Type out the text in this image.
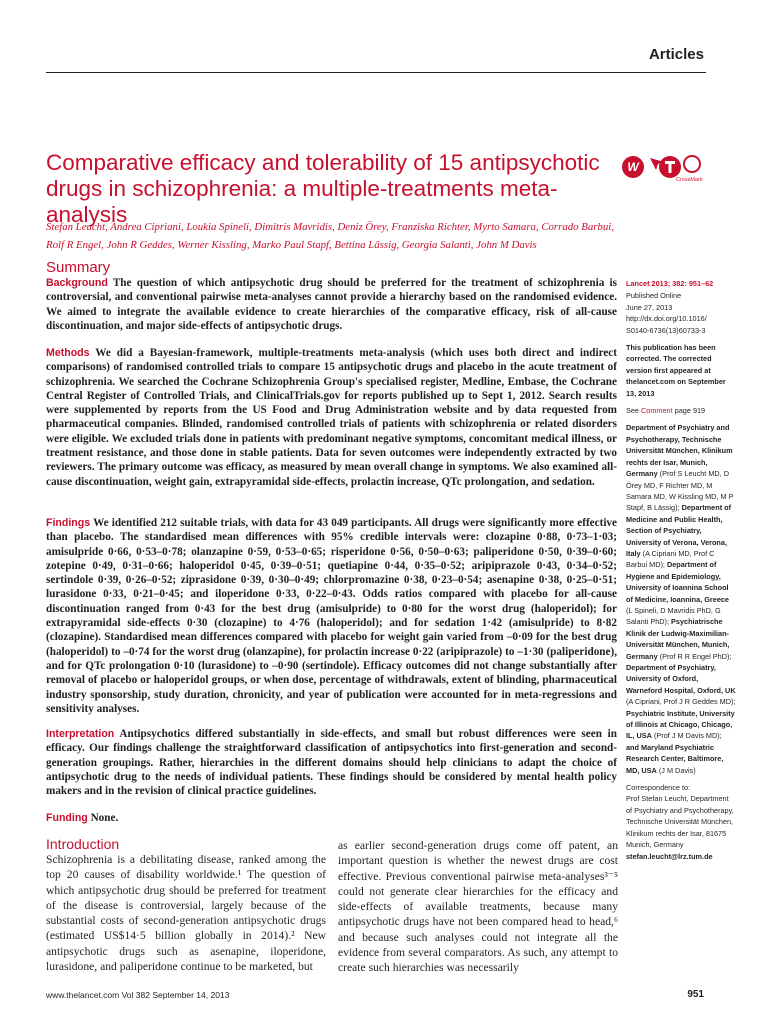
Articles
Comparative efficacy and tolerability of 15 antipsychotic drugs in schizophrenia: a multiple-treatments meta-analysis
W
CrossMark
Stefan Leucht, Andrea Cipriani, Loukia Spineli, Dimitris Mavridis, Deniz Örey, Franziska Richter, Myrto Samara, Corrado Barbui, Rolf R Engel, John R Geddes, Werner Kissling, Marko Paul Stapf, Bettina Lässig, Georgia Salanti, John M Davis
Summary
Background The question of which antipsychotic drug should be preferred for the treatment of schizophrenia is controversial, and conventional pairwise meta-analyses cannot provide a hierarchy based on the randomised evidence. We aimed to integrate the available evidence to create hierarchies of the comparative efficacy, risk of all-cause discontinuation, and major side-effects of antipsychotic drugs.
Methods We did a Bayesian-framework, multiple-treatments meta-analysis (which uses both direct and indirect comparisons) of randomised controlled trials to compare 15 antipsychotic drugs and placebo in the acute treatment of schizophrenia. We searched the Cochrane Schizophrenia Group's specialised register, Medline, Embase, the Cochrane Central Register of Controlled Trials, and ClinicalTrials.gov for reports published up to Sept 1, 2012. Search results were supplemented by reports from the US Food and Drug Administration website and by data requested from pharmaceutical companies. Blinded, randomised controlled trials of patients with schizophrenia or related disorders were eligible. We excluded trials done in patients with predominant negative symptoms, concomitant medical illness, or treatment resistance, and those done in stable patients. Data for seven outcomes were independently extracted by two reviewers. The primary outcome was efficacy, as measured by mean overall change in symptoms. We also examined all-cause discontinuation, weight gain, extrapyramidal side-effects, prolactin increase, QTc prolongation, and sedation.
Findings We identified 212 suitable trials, with data for 43 049 participants. All drugs were significantly more effective than placebo. The standardised mean differences with 95% credible intervals were: clozapine 0·88, 0·73–1·03; amisulpride 0·66, 0·53–0·78; olanzapine 0·59, 0·53–0·65; risperidone 0·56, 0·50–0·63; paliperidone 0·50, 0·39–0·60; zotepine 0·49, 0·31–0·66; haloperidol 0·45, 0·39–0·51; quetiapine 0·44, 0·35–0·52; aripiprazole 0·43, 0·34–0·52; sertindole 0·39, 0·26–0·52; ziprasidone 0·39, 0·30–0·49; chlorpromazine 0·38, 0·23–0·54; asenapine 0·38, 0·25–0·51; lurasidone 0·33, 0·21–0·45; and iloperidone 0·33, 0·22–0·43. Odds ratios compared with placebo for all-cause discontinuation ranged from 0·43 for the best drug (amisulpride) to 0·80 for the worst drug (haloperidol); for extrapyramidal side-effects 0·30 (clozapine) to 4·76 (haloperidol); and for sedation 1·42 (amisulpride) to 8·82 (clozapine). Standardised mean differences compared with placebo for weight gain varied from –0·09 for the best drug (haloperidol) to –0·74 for the worst drug (olanzapine), for prolactin increase 0·22 (aripiprazole) to –1·30 (paliperidone), and for QTc prolongation 0·10 (lurasidone) to –0·90 (sertindole). Efficacy outcomes did not change substantially after removal of placebo or haloperidol groups, or when dose, percentage of withdrawals, extent of blinding, pharmaceutical industry sponsorship, study duration, chronicity, and year of publication were accounted for in meta-regressions and sensitivity analyses.
Interpretation Antipsychotics differed substantially in side-effects, and small but robust differences were seen in efficacy. Our findings challenge the straightforward classification of antipsychotics into first-generation and second-generation groupings. Rather, hierarchies in the different domains should help clinicians to adapt the choice of antipsychotic drug to the needs of individual patients. These findings should be considered by mental health policy makers and in the revision of clinical practice guidelines.
Funding None.
Introduction
Schizophrenia is a debilitating disease, ranked among the top 20 causes of disability worldwide.¹ The question of which antipsychotic drug should be preferred for treatment of the disease is controversial, largely because of the substantial costs of second-generation antipsychotic drugs (estimated US$14·5 billion globally in 2014).² New antipsychotic drugs such as asenapine, iloperidone, lurasidone, and paliperidone continue to be marketed, but
as earlier second-generation drugs come off patent, an important question is whether the newest drugs are cost effective. Previous conventional pairwise meta-analyses³⁻⁵ could not generate clear hierarchies for the efficacy and side-effects of available treatments, because many antipsychotic drugs have not been compared head to head,⁶ and because such analyses could not integrate all the evidence from several comparators. As such, any attempt to create such hierarchies was necessarily

Lancet 2013; 382: 951–62

Published Online
June 27, 2013
http://dx.doi.org/10.1016/
S0140-6736(13)60733-3

This publication has been corrected. The corrected version first appeared at thelancet.com on September 13, 2013

See Comment page 919

Department of Psychiatry and Psychotherapy, Technische Universität München, Klinikum rechts der Isar, Munich, Germany (Prof S Leucht MD, D Örey MD, F Richter MD, M Samara MD, W Kissling MD, M P Stapf, B Lässig); Department of Medicine and Public Health, Section of Psychiatry, University of Verona, Verona, Italy (A Cipriani MD, Prof C Barbui MD); Department of Hygiene and Epidemiology, University of Ioannina School of Medicine, Ioannina, Greece (L Spineli, D Mavridis PhD, G Salanti PhD); Psychiatrische Klinik der Ludwig-Maximilian-Universität München, Munich, Germany (Prof R R Engel PhD); Department of Psychiatry, University of Oxford, Warneford Hospital, Oxford, UK (A Cipriani, Prof J R Geddes MD); Psychiatric Institute, University of Illinois at Chicago, Chicago, IL, USA (Prof J M Davis MD); and Maryland Psychiatric Research Center, Baltimore, MD, USA (J M Davis)

Correspondence to:
Prof Stefan Leucht, Department of Psychiatry and Psychotherapy, Technische Universität München, Klinikum rechts der Isar, 81675 Munich, Germany

stefan.leucht@lrz.tum.de

www.thelancet.com Vol 382 September 14, 2013	951
